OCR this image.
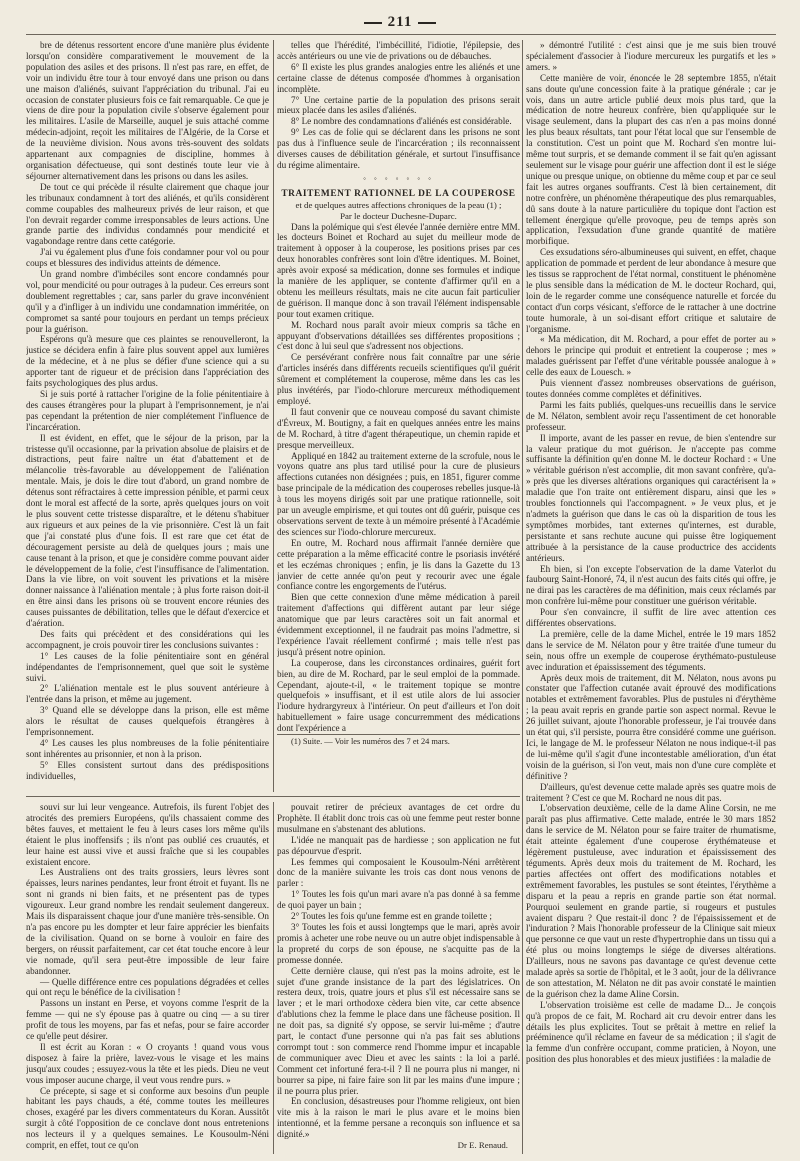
211

bre de détenus ressortent encore d'une manière plus évidente lorsqu'on considère comparativement le mouvement de la population des asiles et des prisons. Il n'est pas rare, en effet, de voir un individu être tour à tour envoyé dans une prison ou dans une maison d'aliénés, suivant l'appréciation du tribunal. J'ai eu occasion de constater plusieurs fois ce fait remarquable. Ce que je viens de dire pour la population civile s'observe également pour les militaires. L'asile de Marseille, auquel je suis attaché comme médecin-adjoint, reçoit les militaires de l'Algérie, de la Corse et de la neuvième division. Nous avons très-souvent des soldats appartenant aux compagnies de discipline, hommes à organisation défectueuse, qui sont destinés toute leur vie à séjourner alternativement dans les prisons ou dans les asiles.

De tout ce qui précède il résulte clairement que chaque jour les tribunaux condamnent à tort des aliénés, et qu'ils considèrent comme coupables des malheureux privés de leur raison, et que l'on devrait regarder comme irresponsables de leurs actions. Une grande partie des individus condamnés pour mendicité et vagabondage rentre dans cette catégorie.

J'ai vu également plus d'une fois condamner pour vol ou pour coups et blessures des individus atteints de démence.

Un grand nombre d'imbéciles sont encore condamnés pour vol, pour mendicité ou pour outrages à la pudeur. Ces erreurs sont doublement regrettables ; car, sans parler du grave inconvénient qu'il y a d'infliger à un individu une condamnation imméritée, on compromet sa santé pour toujours en perdant un temps précieux pour la guérison.

Espérons qu'à mesure que ces plaintes se renouvelleront, la justice se décidera enfin à faire plus souvent appel aux lumières de la médecine, et à ne plus se défier d'une science qui a su apporter tant de rigueur et de précision dans l'appréciation des faits psychologiques des plus ardus.

Si je suis porté à rattacher l'origine de la folie pénitentiaire à des causes étrangères pour la plupart à l'emprisonnement, je n'ai pas cependant la prétention de nier complétement l'influence de l'incarcération.

Il est évident, en effet, que le séjour de la prison, par la tristesse qu'il occasionne, par la privation absolue de plaisirs et de distractions, peut faire naître un état d'abattement et de mélancolie très-favorable au développement de l'aliénation mentale. Mais, je dois le dire tout d'abord, un grand nombre de détenus sont réfractaires à cette impression pénible, et parmi ceux dont le moral est affecté de la sorte, après quelques jours on voit le plus souvent cette tristesse disparaître, et le détenu s'habituer aux rigueurs et aux peines de la vie prisonnière. C'est là un fait que j'ai constaté plus d'une fois. Il est rare que cet état de découragement persiste au delà de quelques jours ; mais une cause tenant à la prison, et que je considère comme pouvant aider le développement de la folie, c'est l'insuffisance de l'alimentation. Dans la vie libre, on voit souvent les privations et la misère donner naissance à l'aliénation mentale ; à plus forte raison doit-il en être ainsi dans les prisons où se trouvent encore réunies des causes puissantes de débilitation, telles que le défaut d'exercice et d'aération.

Des faits qui précèdent et des considérations qui les accompagnent, je crois pouvoir tirer les conclusions suivantes :

1° Les causes de la folie pénitentiaire sont en général indépendantes de l'emprisonnement, quel que soit le système suivi.

2° L'aliénation mentale est le plus souvent antérieure à l'entrée dans la prison, et même au jugement.

3° Quand elle se développe dans la prison, elle est même alors le résultat de causes quelquefois étrangères à l'emprisonnement.

4° Les causes les plus nombreuses de la folie pénitentiaire sont inhérentes au prisonnier, et non à la prison.

5° Elles consistent surtout dans des prédispositions individuelles,

telles que l'hérédité, l'imbécillité, l'idiotie, l'épilepsie, des accès antérieurs ou une vie de privations ou de débauches.

6° Il existe les plus grandes analogies entre les aliénés et une certaine classe de détenus composée d'hommes à organisation incomplète.

7° Une certaine partie de la population des prisons serait mieux placée dans les asiles d'aliénés.

8° Le nombre des condamnations d'aliénés est considérable.

9° Les cas de folie qui se déclarent dans les prisons ne sont pas dus à l'influence seule de l'incarcération ; ils reconnaissent diverses causes de débilitation générale, et surtout l'insuffisance du régime alimentaire.

◦ ◦ ◦ ◦ ◦ ◦ ◦

TRAITEMENT RATIONNEL DE LA COUPEROSE

et de quelques autres affections chroniques de la peau (1) ;

Par le docteur Duchesne-Duparc.

Dans la polémique qui s'est élevée l'année dernière entre MM. les docteurs Boinet et Rochard au sujet du meilleur mode de traitement à opposer à la couperose, les positions prises par ces deux honorables confrères sont loin d'être identiques. M. Boinet, après avoir exposé sa médication, donne ses formules et indique la manière de les appliquer, se contente d'affirmer qu'il en a obtenu les meilleurs résultats, mais ne cite aucun fait particulier de guérison. Il manque donc à son travail l'élément indispensable pour tout examen critique.

M. Rochard nous paraît avoir mieux compris sa tâche en appuyant d'observations détaillées ses différentes propositions ; c'est donc à lui seul que s'adressent nos objections.

Ce persévérant confrère nous fait connaître par une série d'articles insérés dans différents recueils scientifiques qu'il guérit sûrement et complétement la couperose, même dans les cas les plus invétérés, par l'iodo-chlorure mercureux méthodiquement employé.

Il faut convenir que ce nouveau composé du savant chimiste d'Évreux, M. Boutigny, a fait en quelques années entre les mains de M. Rochard, à titre d'agent thérapeutique, un chemin rapide et presque merveilleux.

Appliqué en 1842 au traitement externe de la scrofule, nous le voyons quatre ans plus tard utilisé pour la cure de plusieurs affections cutanées non désignées ; puis, en 1851, figurer comme base principale de la médication des couperoses rebelles jusque-là à tous les moyens dirigés soit par une pratique rationnelle, soit par un aveugle empirisme, et qui toutes ont dû guérir, puisque ces observations servent de texte à un mémoire présenté à l'Académie des sciences sur l'iodo-chlorure mercureux.

En outre, M. Rochard nous affirmait l'année dernière que cette préparation a la même efficacité contre le psoriasis invétéré et les eczémas chroniques ; enfin, je lis dans la Gazette du 13 janvier de cette année qu'on peut y recourir avec une égale confiance contre les engorgements de l'utérus.

Bien que cette connexion d'une même médication à pareil traitement d'affections qui diffèrent autant par leur siége anatomique que par leurs caractères soit un fait anormal et évidemment exceptionnel, il ne faudrait pas moins l'admettre, si l'expérience l'avait réellement confirmé ; mais telle n'est pas jusqu'à présent notre opinion.

La couperose, dans les circonstances ordinaires, guérit fort bien, au dire de M. Rochard, par le seul emploi de la pommade. Cependant, ajoute-t-il, « le traitement topique se montre quelquefois » insuffisant, et il est utile alors de lui associer l'iodure hydrargyreux à l'intérieur. On peut d'ailleurs et l'on doit habituellement » faire usage concurremment des médications dont l'expérience a

(1) Suite. — Voir les numéros des 7 et 24 mars.

» démontré l'utilité : c'est ainsi que je me suis bien trouvé spécialement d'associer à l'iodure mercureux les purgatifs et les » amers. »

Cette manière de voir, énoncée le 28 septembre 1855, n'était sans doute qu'une concession faite à la pratique générale ; car je vois, dans un autre article publié deux mois plus tard, que la médication de notre heureux confrère, bien qu'appliquée sur le visage seulement, dans la plupart des cas n'en a pas moins donné les plus beaux résultats, tant pour l'état local que sur l'ensemble de la constitution. C'est un point que M. Rochard s'en montre lui-même tout surpris, et se demande comment il se fait qu'en agissant seulement sur le visage pour guérir une affection dont il est le siége unique ou presque unique, on obtienne du même coup et par ce seul fait les autres organes souffrants. C'est là bien certainement, dit notre confrère, un phénomène thérapeutique des plus remarquables, dû sans doute à la nature particulière du topique dont l'action est tellement énergique qu'elle provoque, peu de temps après son application, l'exsudation d'une grande quantité de matière morbifique.

Ces exsudations séro-albumineuses qui suivent, en effet, chaque application de pommade et perdent de leur abondance à mesure que les tissus se rapprochent de l'état normal, constituent le phénomène le plus sensible dans la médication de M. le docteur Rochard, qui, loin de le regarder comme une conséquence naturelle et forcée du contact d'un corps vésicant, s'efforce de le rattacher à une doctrine toute humorale, à un soi-disant effort critique et salutaire de l'organisme.

« Ma médication, dit M. Rochard, a pour effet de porter au » dehors le principe qui produit et entretient la couperose ; mes » malades guérissent par l'effet d'une véritable poussée analogue à » celle des eaux de Louesch. »

Puis viennent d'assez nombreuses observations de guérison, toutes données comme complètes et définitives.

Parmi les faits publiés, quelques-uns recueillis dans le service de M. Nélaton, semblent avoir reçu l'assentiment de cet honorable professeur.

Il importe, avant de les passer en revue, de bien s'entendre sur la valeur pratique du mot guérison. Je n'accepte pas comme suffisante la définition qu'en donne M. le docteur Rochard : « Une » véritable guérison n'est accomplie, dit mon savant confrère, qu'a- » près que les diverses altérations organiques qui caractérisent la » maladie que l'on traite ont entièrement disparu, ainsi que les » troubles fonctionnels qui l'accompagnent. » Je veux plus, et je n'admets la guérison que dans le cas où la disparition de tous les symptômes morbides, tant externes qu'internes, est durable, persistante et sans rechute aucune qui puisse être logiquement attribuée à la persistance de la cause productrice des accidents antérieurs.

Eh bien, si l'on excepte l'observation de la dame Vaterlot du faubourg Saint-Honoré, 74, il n'est aucun des faits cités qui offre, je ne dirai pas les caractères de ma définition, mais ceux réclamés par mon confrère lui-même pour constituer une guérison véritable.

Pour s'en convaincre, il suffit de lire avec attention ces différentes observations.

La première, celle de la dame Michel, entrée le 19 mars 1852 dans le service de M. Nélaton pour y être traitée d'une tumeur du sein, nous offre un exemple de couperose érythémato-pustuleuse avec induration et épaississement des téguments.

Après deux mois de traitement, dit M. Nélaton, nous avons pu constater que l'affection cutanée avait éprouvé des modifications notables et extrêmement favorables. Plus de pustules ni d'érythème ; la peau avait repris en grande partie son aspect normal. Revue le 26 juillet suivant, ajoute l'honorable professeur, je l'ai trouvée dans un état qui, s'il persiste, pourra être considéré comme une guérison. Ici, le langage de M. le professeur Nélaton ne nous indique-t-il pas de lui-même qu'il s'agit d'une incontestable amélioration, d'un état voisin de la guérison, si l'on veut, mais non d'une cure complète et définitive ?

D'ailleurs, qu'est devenue cette malade après ses quatre mois de traitement ? C'est ce que M. Rochard ne nous dit pas.

L'observation deuxième, celle de la dame Aline Corsin, ne me paraît pas plus affirmative. Cette malade, entrée le 30 mars 1852 dans le service de M. Nélaton pour se faire traiter de rhumatisme, était atteinte également d'une couperose érythémateuse et légèrement pustuleuse, avec induration et épaississement des téguments. Après deux mois du traitement de M. Rochard, les parties affectées ont offert des modifications notables et extrêmement favorables, les pustules se sont éteintes, l'érythème a disparu et la peau a repris en grande partie son état normal. Pourquoi seulement en grande partie, si rougeurs et pustules avaient disparu ? Que restait-il donc ? de l'épaississement et de l'induration ? Mais l'honorable professeur de la Clinique sait mieux que personne ce que vaut un reste d'hypertrophie dans un tissu qui a été plus ou moins longtemps le siége de diverses altérations. D'ailleurs, nous ne savons pas davantage ce qu'est devenue cette malade après sa sortie de l'hôpital, et le 3 août, jour de la délivrance de son attestation, M. Nélaton ne dit pas avoir constaté le maintien de la guérison chez la dame Aline Corsin.

L'observation troisième est celle de madame D... Je conçois qu'à propos de ce fait, M. Rochard ait cru devoir entrer dans les détails les plus explicites. Tout se prêtait à mettre en relief la prééminence qu'il réclame en faveur de sa médication ; il s'agit de la femme d'un confrère occupant, comme praticien, à Noyon, une position des plus honorables et des mieux justifiées : la maladie de

souvi sur lui leur vengeance. Autrefois, ils furent l'objet des atrocités des premiers Européens, qu'ils chassaient comme des bêtes fauves, et mettaient le feu à leurs cases lors même qu'ils étaient le plus inoffensifs ; ils n'ont pas oublié ces cruautés, et leur haine est aussi vive et aussi fraîche que si les coupables existaient encore.

Les Australiens ont des traits grossiers, leurs lèvres sont épaisses, leurs narines pendantes, leur front étroit et fuyant. Ils ne sont ni grands ni bien faits, et ne présentent pas de types vigoureux. Leur grand nombre les rendait seulement dangereux. Mais ils disparaissent chaque jour d'une manière très-sensible. On n'a pas encore pu les dompter et leur faire apprécier les bienfaits de la civilisation. Quand on se borne à vouloir en faire des bergers, on réussit parfaitement, car cet état touche encore à leur vie nomade, qu'il sera peut-être impossible de leur faire abandonner.

— Quelle différence entre ces populations dégradées et celles qui ont reçu le bénéfice de la civilisation !

Passons un instant en Perse, et voyons comme l'esprit de la femme — qui ne s'y épouse pas à quatre ou cinq — a su tirer profit de tous les moyens, par fas et nefas, pour se faire accorder ce qu'elle peut désirer.

Il est écrit au Koran : « O croyants ! quand vous vous disposez à faire la prière, lavez-vous le visage et les mains jusqu'aux coudes ; essuyez-vous la tête et les pieds. Dieu ne veut vous imposer aucune charge, il veut vous rendre purs. »

Ce précepte, si sage et si conforme aux besoins d'un peuple habitant les pays chauds, a été, comme toutes les meilleures choses, exagéré par les divers commentateurs du Koran. Aussitôt surgit à côté l'opposition de ce conclave dont nous entretenions nos lecteurs il y a quelques semaines. Le Kousoulm-Néni comprit, en effet, tout ce qu'on

pouvait retirer de précieux avantages de cet ordre du Prophète. Il établit donc trois cas où une femme peut rester bonne musulmane en s'abstenant des ablutions.

L'idée ne manquait pas de hardiesse ; son application ne fut pas dépourvue d'esprit.

Les femmes qui composaient le Kousoulm-Néni arrêtèrent donc de la manière suivante les trois cas dont nous venons de parler :

1° Toutes les fois qu'un mari avare n'a pas donné à sa femme de quoi payer un bain ;

2° Toutes les fois qu'une femme est en grande toilette ;

3° Toutes les fois et aussi longtemps que le mari, après avoir promis à acheter une robe neuve ou un autre objet indispensable à la propreté du corps de son épouse, ne s'acquitte pas de la promesse donnée.

Cette dernière clause, qui n'est pas la moins adroite, est le sujet d'une grande insistance de la part des législatrices. On restera deux, trois, quatre jours et plus s'il est nécessaire sans se laver ; et le mari orthodoxe cèdera bien vite, car cette absence d'ablutions chez la femme le place dans une fâcheuse position. Il ne doit pas, sa dignité s'y oppose, se servir lui-même ; d'autre part, le contact d'une personne qui n'a pas fait ses ablutions corrompt tout : son commerce rend l'homme impur et incapable de communiquer avec Dieu et avec les saints : la loi a parlé. Comment cet infortuné fera-t-il ? Il ne pourra plus ni manger, ni bourrer sa pipe, ni faire faire son lit par les mains d'une impure ; il ne pourra plus prier.

En conclusion, désastreuses pour l'homme religieux, ont bien vite mis à la raison le mari le plus avare et le moins bien intentionné, et la femme persane a reconquis son influence et sa dignité.»

Dr E. Renaud.
